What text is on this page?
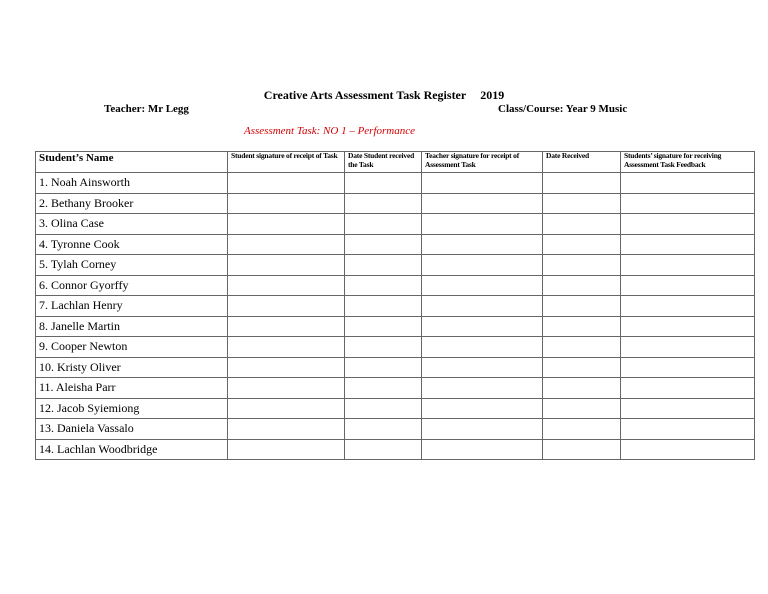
Creative Arts Assessment Task Register 2019
Teacher: Mr Legg	Class/Course: Year 9 Music
Assessment Task: NO 1 – Performance
Student’s Name	Student signature of receipt of Task	Date Student received the Task	Teacher signature for receipt of Assessment Task	Date Received	Students’ signature for receiving Assessment Task Feedback
1. Noah Ainsworth					
2. Bethany Brooker					
3. Olina Case					
4. Tyronne Cook					
5. Tylah Corney					
6. Connor Gyorffy					
7. Lachlan Henry					
8. Janelle Martin					
9. Cooper Newton					
10. Kristy Oliver					
11. Aleisha Parr					
12. Jacob Syiemiong					
13. Daniela Vassalo					
14. Lachlan Woodbridge					
